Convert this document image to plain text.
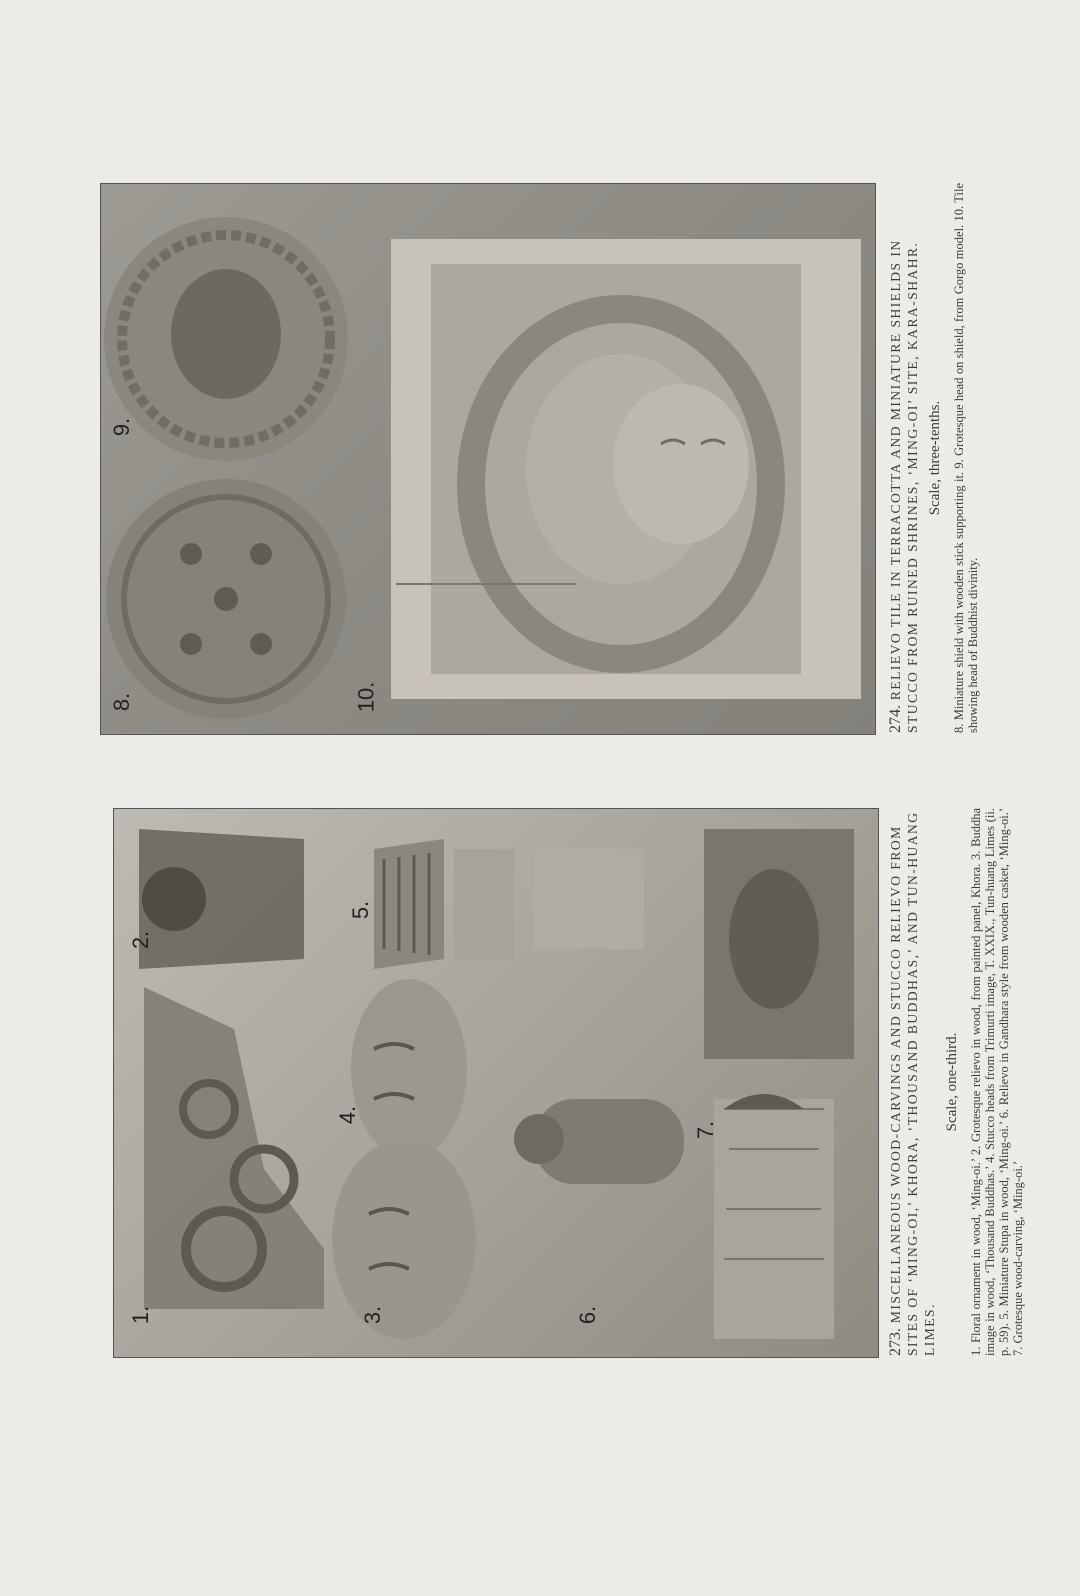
1.
2.
3.
4.
5.
6.
7.
8.
9.
10.
273. MISCELLANEOUS WOOD-CARVINGS AND STUCCO RELIEVO FROM SITES OF ‘MING-OI,’ KHORA, ‘THOUSAND BUDDHAS,’ AND TUN-HUANG LIMES.
Scale, one-third. 1. Floral ornament in wood, ‘Ming-oi.’ 2. Grotesque relievo in wood, from painted panel, Khora. 3. Buddha image in wood, ‘Thousand Buddhas.’ 4. Stucco heads from Trimurti image, T. XXIX., Tun-huang Limes (ii. p. 59). 5. Miniature Stupa in wood, ‘Ming-oi.’ 6. Relievo in Gandhara style from wooden casket, ‘Ming-oi.’ 7. Grotesque wood-carving, ‘Ming-oi.’
274. RELIEVO TILE IN TERRACOTTA AND MINIATURE SHIELDS IN STUCCO FROM RUINED SHRINES, ‘MING-OI’ SITE, KARA-SHAHR. Scale, three-tenths. 8. Miniature shield with wooden stick supporting it. 9. Grotesque head on shield, from Gorgo model. 10. Tile showing head of Buddhist divinity.
